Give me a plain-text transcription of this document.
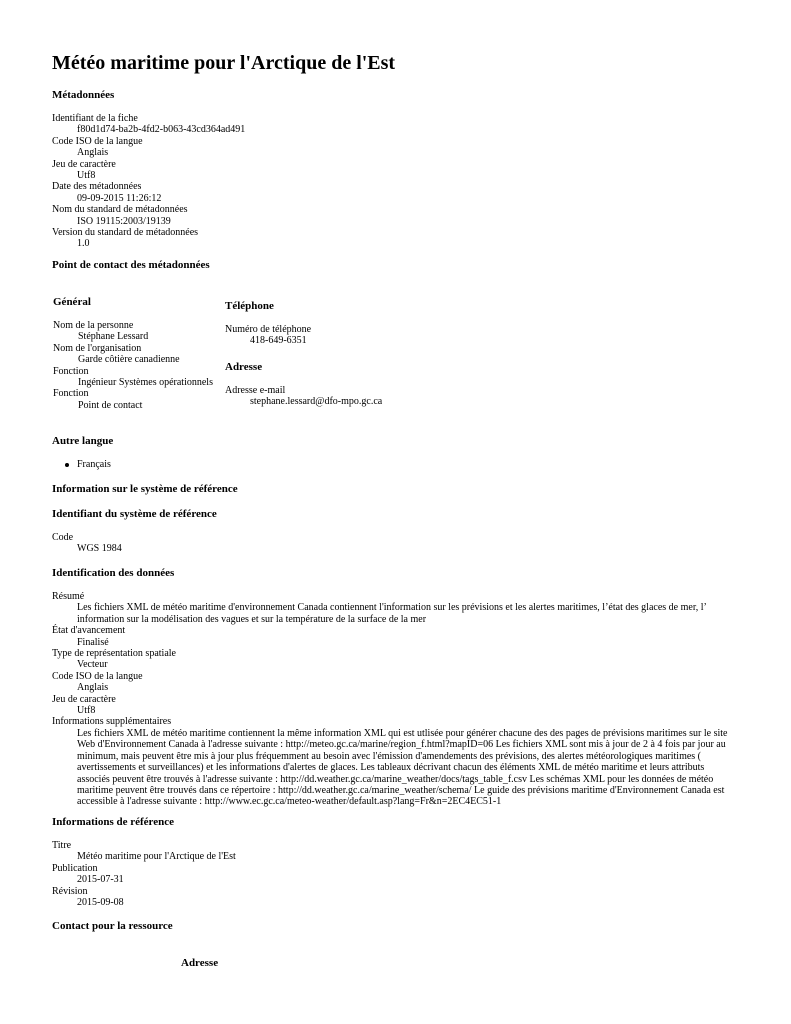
Météo maritime pour l'Arctique de l'Est
Métadonnées
Identifiant de la fiche
f80d1d74-ba2b-4fd2-b063-43cd364ad491
Code ISO de la langue
Anglais
Jeu de caractère
Utf8
Date des métadonnées
09-09-2015 11:26:12
Nom du standard de métadonnées
ISO 19115:2003/19139
Version du standard de métadonnées
1.0
Point de contact des métadonnées
Général
Nom de la personne
Stéphane Lessard
Nom de l'organisation
Garde côtière canadienne
Fonction
Ingénieur Systèmes opérationnels
Fonction
Point de contact
Téléphone
Numéro de téléphone
418-649-6351
Adresse
Adresse e-mail
stephane.lessard@dfo-mpo.gc.ca
Autre langue
Français
Information sur le système de référence
Identifiant du système de référence
Code
WGS 1984
Identification des données
Résumé
Les fichiers XML de météo maritime d'environnement Canada contiennent l'information sur les prévisions et les alertes maritimes, l’état des glaces de mer, l’ information sur la modélisation des vagues et sur la température de la surface de la mer
État d'avancement
Finalisé
Type de représentation spatiale
Vecteur
Code ISO de la langue
Anglais
Jeu de caractère
Utf8
Informations supplémentaires
Les fichiers XML de météo maritime contiennent la même information XML qui est utlisée pour générer chacune des des pages de prévisions maritimes sur le site Web d'Environnement Canada à l'adresse suivante : http://meteo.gc.ca/marine/region_f.html?mapID=06 Les fichiers XML sont mis à jour de 2 à 4 fois par jour au minimum, mais peuvent être mis à jour plus fréquemment au besoin avec l'émission d'amendements des prévisions, des alertes météorologiques maritimes ( avertissements et surveillances) et les informations d'alertes de glaces. Les tableaux décrivant chacun des éléments XML de météo maritime et leurs attributs associés peuvent être trouvés à l'adresse suivante : http://dd.weather.gc.ca/marine_weather/docs/tags_table_f.csv Les schémas XML pour les données de météo maritime peuvent être trouvés dans ce répertoire : http://dd.weather.gc.ca/marine_weather/schema/ Le guide des prévisions maritime d'Environnement Canada est accessible à l'adresse suivante : http://www.ec.gc.ca/meteo-weather/default.asp?lang=Fr&n=2EC4EC51-1
Informations de référence
Titre
Météo maritime pour l'Arctique de l'Est
Publication
2015-07-31
Révision
2015-09-08
Contact pour la ressource
Adresse
